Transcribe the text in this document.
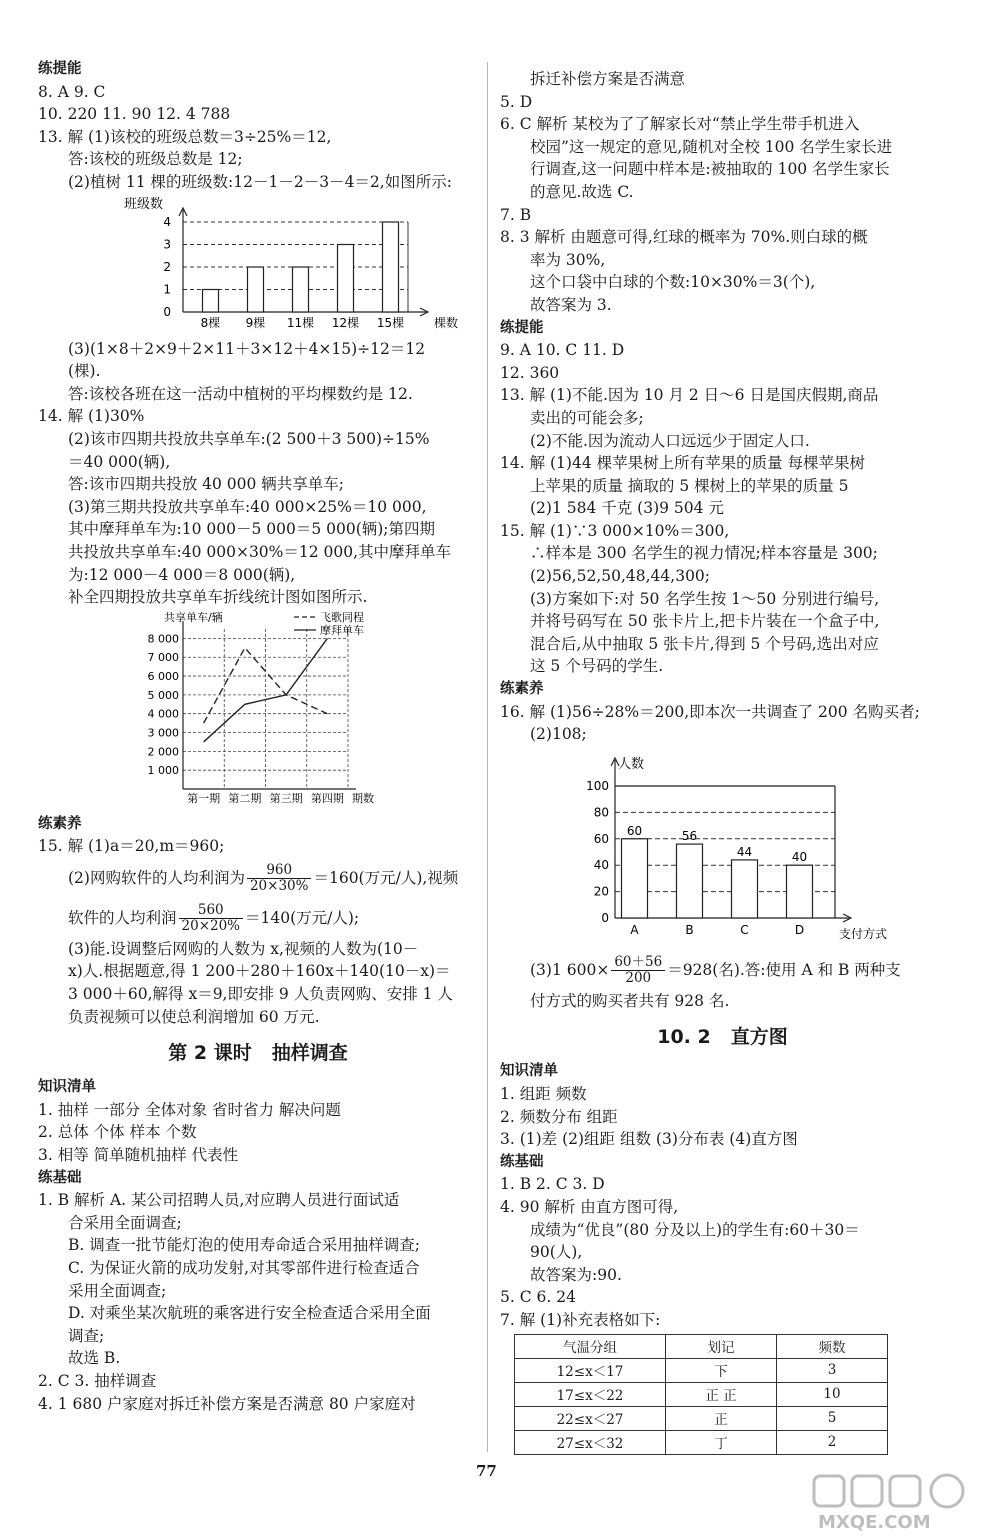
练提能
8. A 9. C
10. 220 11. 90 12. 4 788
13. 解 (1)该校的班级总数＝3÷25%＝12,
答:该校的班级总数是 12;
(2)植树 11 棵的班级数:12－1－2－3－4＝2,如图所示:
班级数
0
1
2
3
4
8棵 9棵 11棵 12棵 15棵 棵数
(3)(1×8＋2×9＋2×11＋3×12＋4×15)÷12＝12
(棵).
答:该校各班在这一活动中植树的平均棵数约是 12.
14. 解 (1)30%
(2)该市四期共投放共享单车:(2 500＋3 500)÷15%
＝40 000(辆),
答:该市四期共投放 40 000 辆共享单车;
(3)第三期共投放共享单车:40 000×25%＝10 000,
其中摩拜单车为:10 000－5 000＝5 000(辆);第四期
共投放共享单车:40 000×30%＝12 000,其中摩拜单车
为:12 000－4 000＝8 000(辆),
补全四期投放共享单车折线统计图如图所示.
共享单车/辆
1 000
2 000
3 000
4 000
5 000
6 000
7 000
8 000
第一期 第二期 第三期 第四期 期数
飞歌同程
摩拜单车
练素养
15. 解 (1)a＝20,m＝960;
(2)网购软件的人均利润为 $\frac{960}{20\times 30\%} =160$(万元/人),视频
软件的人均利润 $\frac{560}{20\times 20\%} =140$(万元/人);
(3)能.设调整后网购的人数为 x,视频的人数为(10－
x)人.根据题意,得 1 200＋280＋160x＋140(10－x)＝
3 000＋60,解得 x＝9,即安排 9 人负责网购、安排 1 人
负责视频可以使总利润增加 60 万元.
第 2 课时 抽样调查
知识清单
1. 抽样 一部分 全体对象 省时省力 解决问题
2. 总体 个体 样本 个数
3. 相等 简单随机抽样 代表性
练基础
1. B 解析 A. 某公司招聘人员,对应聘人员进行面试适
合采用全面调查;
B. 调查一批节能灯泡的使用寿命适合采用抽样调查;
C. 为保证火箭的成功发射,对其零部件进行检查适合
采用全面调查;
D. 对乘坐某次航班的乘客进行安全检查适合采用全面
调查;
故选 B.
2. C 3. 抽样调查
4. 1 680 户家庭对拆迁补偿方案是否满意 80 户家庭对
拆迁补偿方案是否满意
5. D
6. C 解析 某校为了了解家长对“禁止学生带手机进入
校园”这一规定的意见,随机对全校 100 名学生家长进
行调查,这一问题中样本是:被抽取的 100 名学生家长
的意见.故选 C.
7. B
8. 3 解析 由题意可得,红球的概率为 70%.则白球的概
率为 30%,
这个口袋中白球的个数:10×30%＝3(个),
故答案为 3.
练提能
9. A 10. C 11. D
12. 360
13. 解 (1)不能.因为 10 月 2 日～6 日是国庆假期,商品
卖出的可能会多;
(2)不能.因为流动人口远远少于固定人口.
14. 解 (1)44 棵苹果树上所有苹果的质量 每棵苹果树
上苹果的质量 摘取的 5 棵树上的苹果的质量 5
(2)1 584 千克 (3)9 504 元
15. 解 (1)∵3 000×10%＝300,
∴样本是 300 名学生的视力情况;样本容量是 300;
(2)56,52,50,48,44,300;
(3)方案如下:对 50 名学生按 1～50 分别进行编号,
并将号码写在 50 张卡片上,把卡片装在一个盒子中,
混合后,从中抽取 5 张卡片,得到 5 个号码,选出对应
这 5 个号码的学生.
练素养
16. 解 (1)56÷28%＝200,即本次一共调查了 200 名购买者;
(2)108;
人数
0
20
40
60
80
100
60
A
56
B
44
C
40
D	支付方式
(3)1 $600\times \frac{60+56}{200} =928$(名).答:使用 A 和 B 两种支
付方式的购买者共有 928 名.
10. 2 直方图
知识清单
1. 组距 频数
2. 频数分布 组距
3. (1)差 (2)组距 组数 (3)分布表 (4)直方图
练基础
1. B 2. C 3. D
4. 90 解析 由直方图可得,
成绩为“优良”(80 分及以上)的学生有:60＋30＝
90(人),
故答案为:90.
5. C 6. 24
7. 解 (1)补充表格如下:
气温分组	划记	频数
12≤x＜17	下	3
17≤x＜22	正 正	10
22≤x＜27	正	5
27≤x＜32	丁	2
77
MXQE.COM
